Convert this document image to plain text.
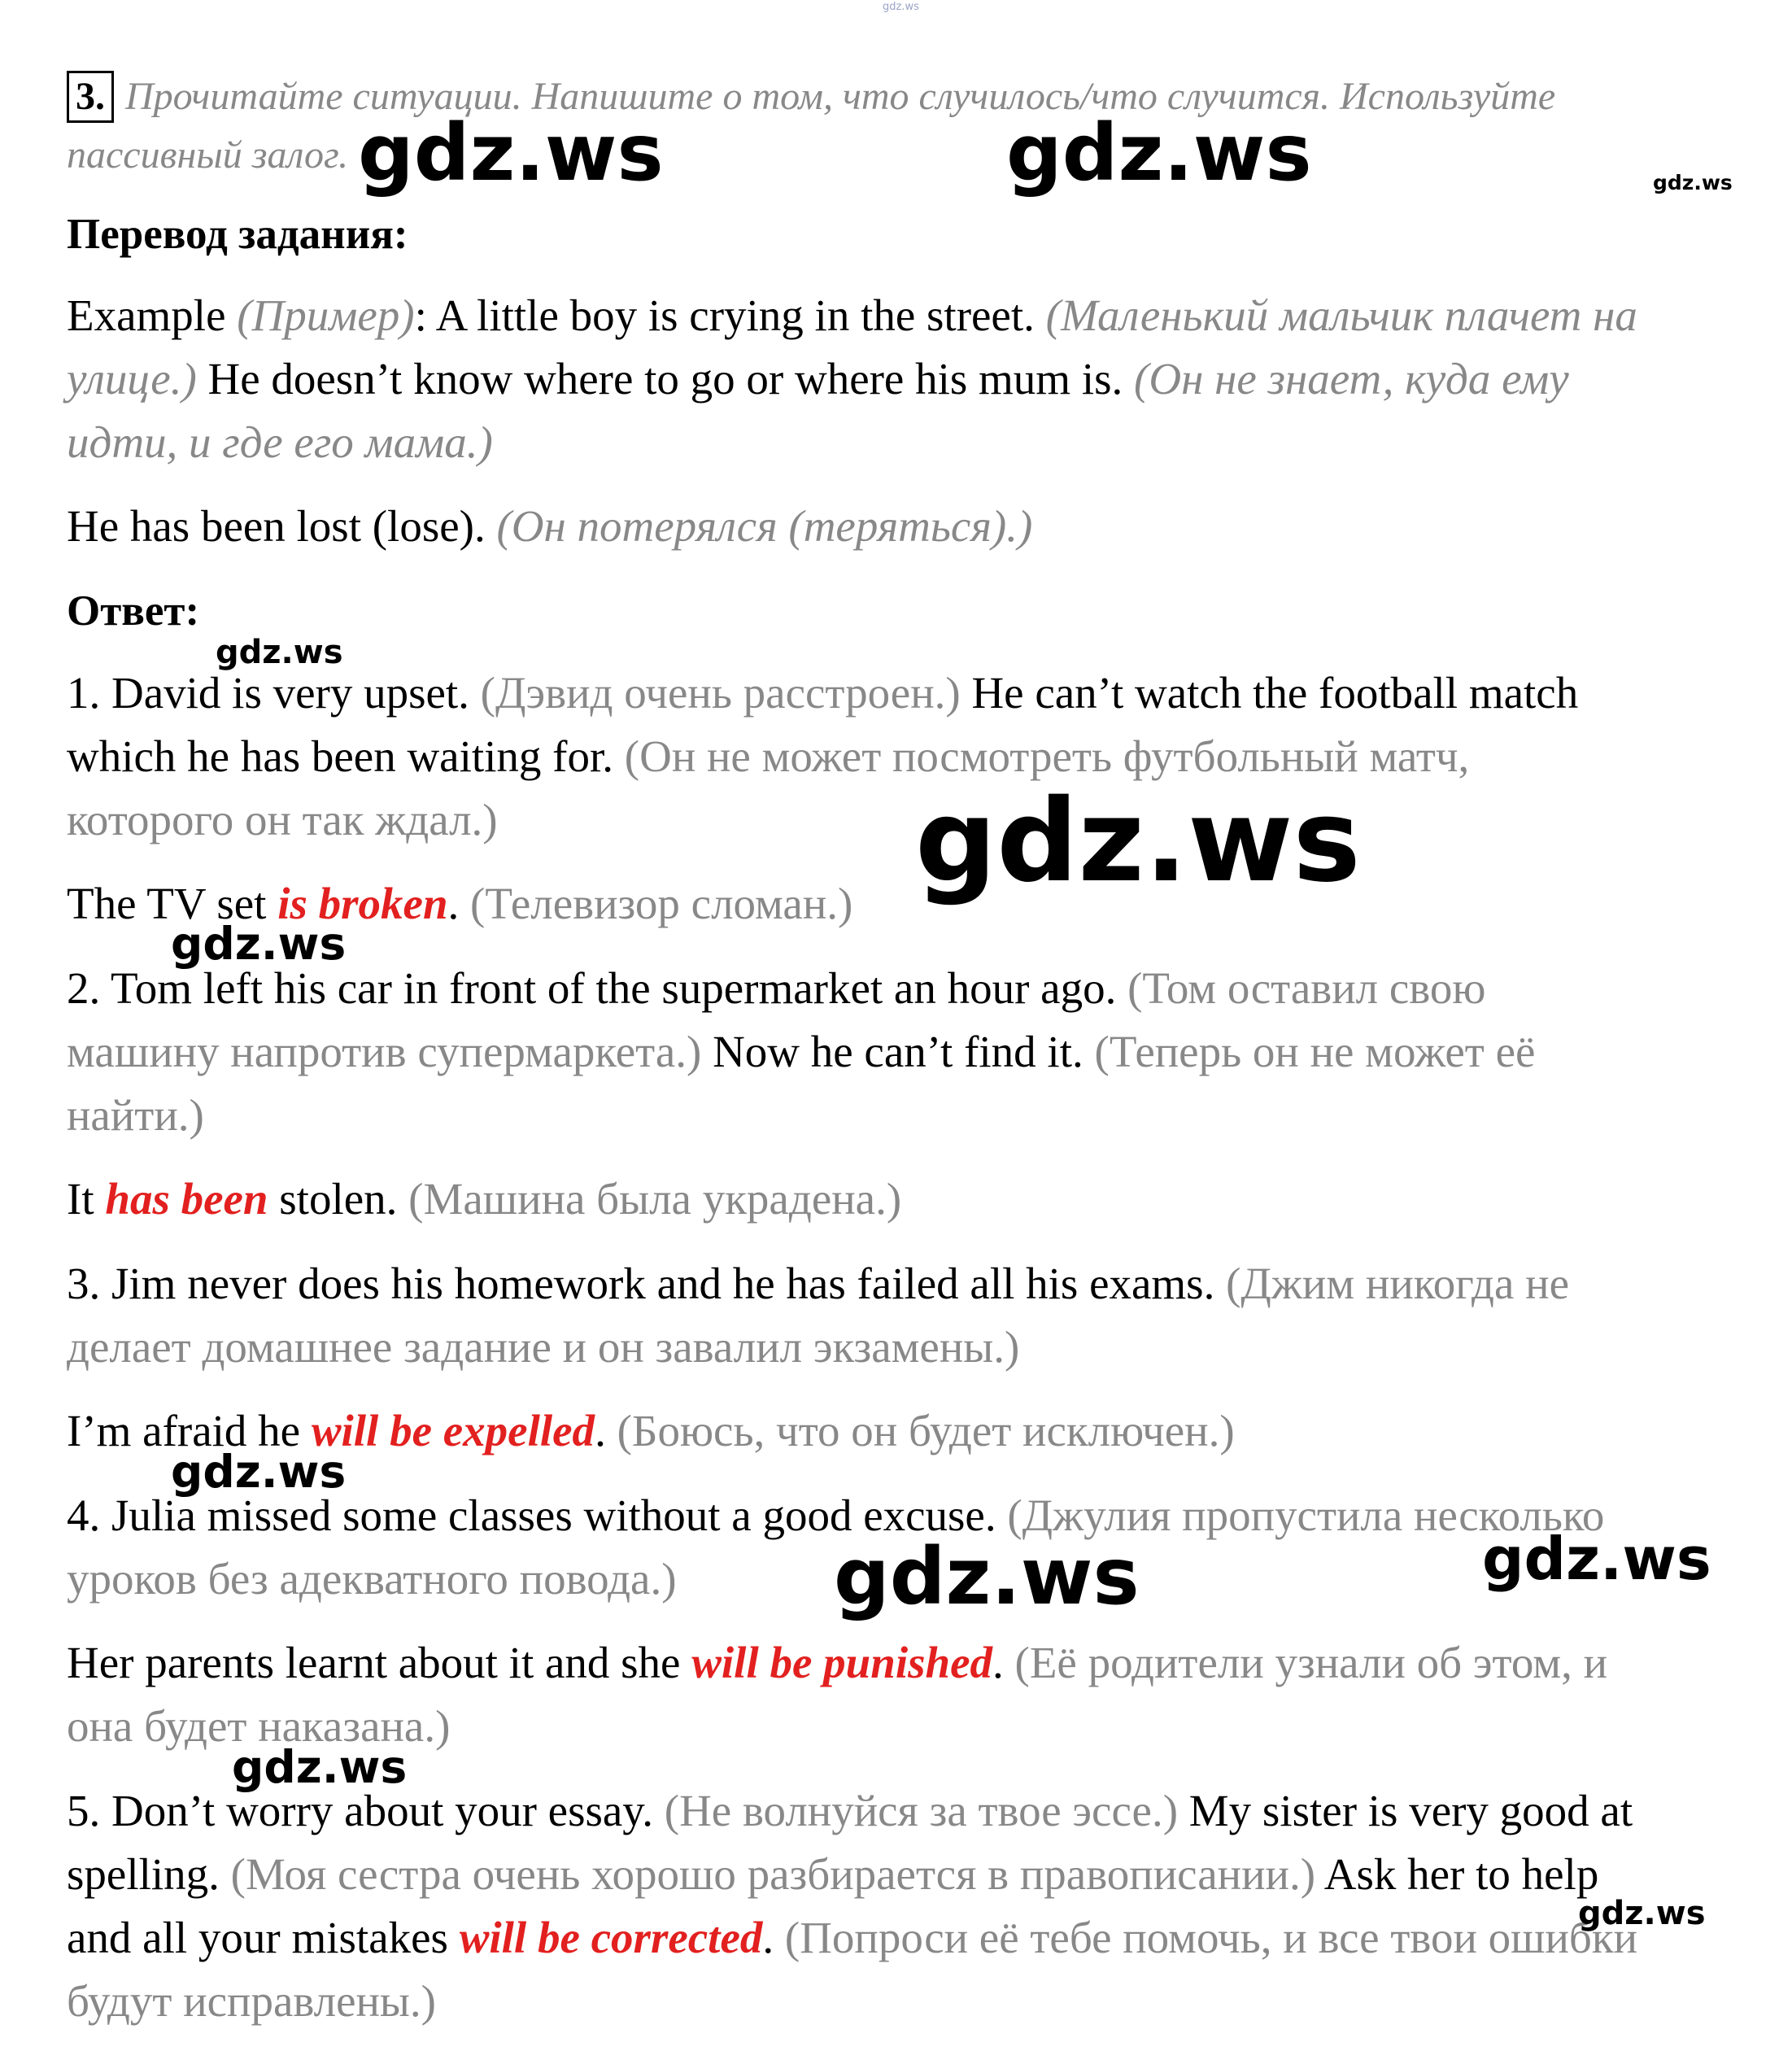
gdz.ws
3. Прочитайте ситуации. Напишите о том, что случилось/что случится. Используйте
пассивный залог.
Перевод задания:
Example (Пример): A little boy is crying in the street. (Маленький мальчик плачет на
улице.) He doesn’t know where to go or where his mum is. (Он не знает, куда ему
идти, и где его мама.)
He has been lost (lose). (Он потерялся (теряться).)
Ответ:
1. David is very upset. (Дэвид очень расстроен.) He can’t watch the football match
which he has been waiting for. (Он не может посмотреть футбольный матч,
которого он так ждал.)
The TV set is broken. (Телевизор сломан.)
2. Tom left his car in front of the supermarket an hour ago. (Том оставил свою
машину напротив супермаркета.) Now he can’t find it. (Теперь он не может её
найти.)
It has been stolen. (Машина была украдена.)
3. Jim never does his homework and he has failed all his exams. (Джим никогда не
делает домашнее задание и он завалил экзамены.)
I’m afraid he will be expelled. (Боюсь, что он будет исключен.)
4. Julia missed some classes without a good excuse. (Джулия пропустила несколько
уроков без адекватного повода.)
Her parents learnt about it and she will be punished. (Её родители узнали об этом, и
она будет наказана.)
5. Don’t worry about your essay. (Не волнуйся за твое эссе.) My sister is very good at
spelling. (Моя сестра очень хорошо разбирается в правописании.) Ask her to help
and all your mistakes will be corrected. (Попроси её тебе помочь, и все твои ошибки
будут исправлены.)
gdz.ws	gdz.ws	gdz.ws
gdz.ws
gdz.ws
gdz.ws
gdz.ws
gdz.ws	gdz.ws
gdz.ws
gdz.ws
